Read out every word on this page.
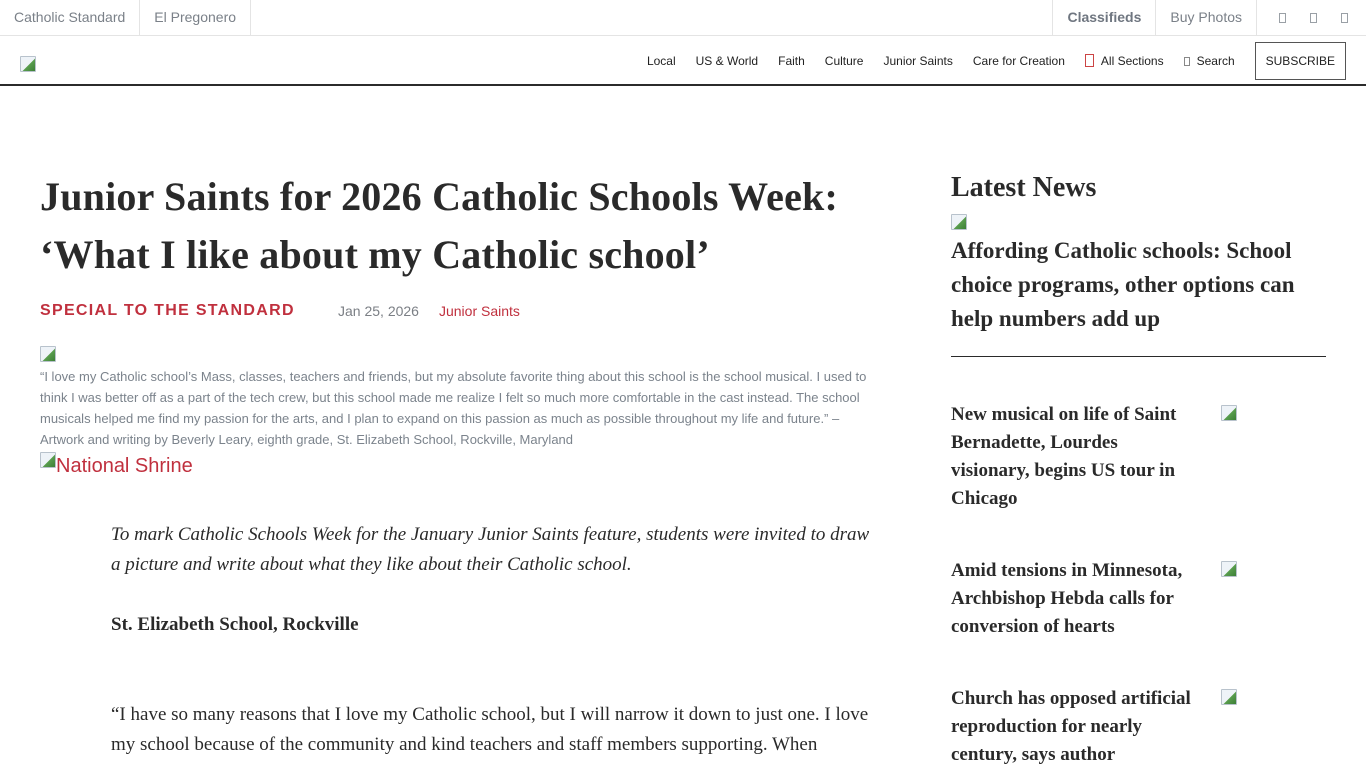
Catholic Standard	El Pregonero	Classifieds	Buy Photos
Local US & World Faith Culture Junior Saints Care for Creation	All Sections	Search	SUBSCRIBE
Junior Saints for 2026 Catholic Schools Week: ‘What I like about my Catholic school’
SPECIAL TO THE STANDARD	Jan 25, 2026 Junior Saints

“I love my Catholic school’s Mass, classes, teachers and friends, but my absolute favorite thing about this school is the school musical. I used to think I was better off as a part of the tech crew, but this school made me realize I felt so much more comfortable in the cast instead. The school musicals helped me find my passion for the arts, and I plan to expand on this passion as much as possible throughout my life and future.” – Artwork and writing by Beverly Leary, eighth grade, St. Elizabeth School, Rockville, Maryland

National Shrine

To mark Catholic Schools Week for the January Junior Saints feature, students were invited to draw a picture and write about what they like about their Catholic school.

St. Elizabeth School, Rockville

“I have so many reasons that I love my Catholic school, but I will narrow it down to just one. I love my school because of the community and kind teachers and staff members supporting. When

Latest News
Affording Catholic schools: School choice programs, other options can help numbers add up
New musical on life of Saint Bernadette, Lourdes visionary, begins US tour in Chicago
Amid tensions in Minnesota, Archbishop Hebda calls for conversion of hearts
Church has opposed artificial reproduction for nearly century, says author
